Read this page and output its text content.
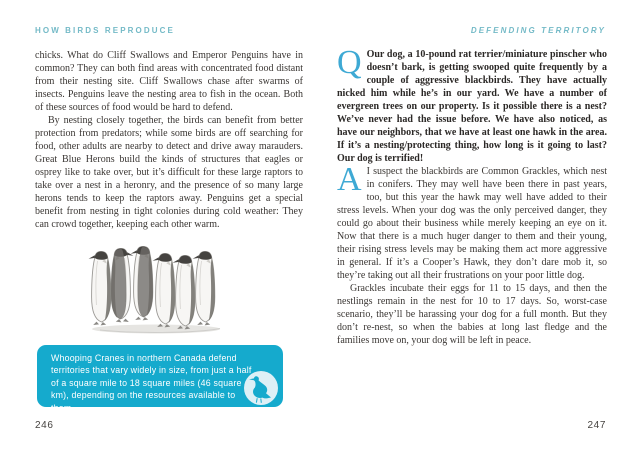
HOW BIRDS REPRODUCE

chicks. What do Cliff Swallows and Emperor Penguins have in common? They can both find areas with concentrated food distant from their nesting site. Cliff Swallows chase after swarms of insects. Penguins leave the nesting area to fish in the ocean. Both of these sources of food would be hard to defend.

By nesting closely together, the birds can benefit from better protection from predators; while some birds are off searching for food, other adults are nearby to detect and drive away marauders. Great Blue Herons build the kinds of structures that eagles or osprey like to take over, but it’s difficult for these large raptors to take over a nest in a heronry, and the presence of so many large herons tends to keep the raptors away. Penguins get a special benefit from nesting in tight colonies during cold weather: They can crowd together, keeping each other warm.

Whooping Cranes in northern Canada defend territories that vary widely in size, from just a half of a square mile to 18 square miles (46 square km), depending on the resources available to them.
246
DEFENDING TERRITORY

Q Our dog, a 10-pound rat terrier/miniature pinscher who doesn’t bark, is getting swooped quite frequently by a couple of aggressive blackbirds. They have actually nicked him while he’s in our yard. We have a number of evergreen trees on our property. Is it possible there is a nest? We’ve never had the issue before. We have also noticed, as have our neighbors, that we have at least one hawk in the area. If it’s a nesting/protecting thing, how long is it going to last? Our dog is terrified!

A I suspect the blackbirds are Common Grackles, which nest in conifers. They may well have been there in past years, too, but this year the hawk may well have added to their stress levels. When your dog was the only perceived danger, they could go about their business while merely keeping an eye on it. Now that there is a much huger danger to them and their young, their rising stress levels may be making them act more aggressive in general. If it’s a Cooper’s Hawk, they don’t dare mob it, so they’re taking out all their frustrations on your poor little dog.

Grackles incubate their eggs for 11 to 15 days, and then the nestlings remain in the nest for 10 to 17 days. So, worst-case scenario, they’ll be harassing your dog for a full month. But they don’t re-nest, so when the babies at long last fledge and the families move on, your dog will be left in peace.

247
